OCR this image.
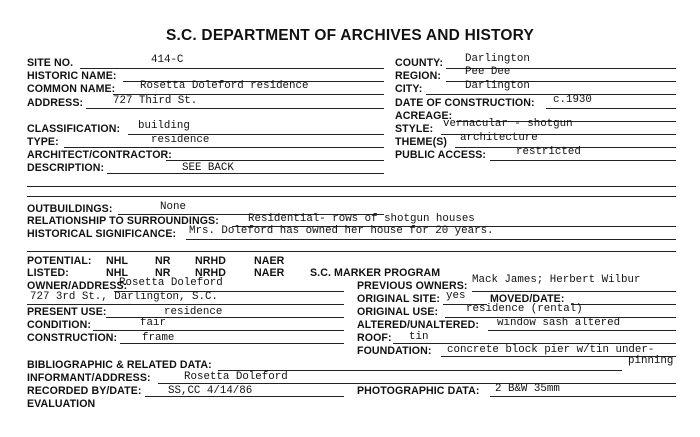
S.C. DEPARTMENT OF ARCHIVES AND HISTORY
SITE NO.	414-C
HISTORIC NAME:
COMMON NAME: Rosetta Doleford residence
ADDRESS:	727 Third St.
CLASSIFICATION: building
TYPE:	residence
ARCHITECT/CONTRACTOR:
DESCRIPTION:	SEE BACK
COUNTY: Darlington
REGION: Pee Dee
CITY:	Darlington
DATE OF CONSTRUCTION: c.1930
ACREAGE:
STYLE: vernacular - shotgun
THEME(S) architecture
PUBLIC ACCESS:	restricted
OUTBUILDINGS:	None
RELATIONSHIP TO SURROUNDINGS:	Residential- rows of shotgun houses
HISTORICAL SIGNIFICANCE: Mrs. Doleford has owned her house for 20 years.
POTENTIAL: NHL	NR NRHD	NAER
LISTED:	NHL	NR NRHD	NAER S.C. MARKER PROGRAM
OWNER/ADDRESS:
Rosetta Doleford
727 3rd St., Darlington, S.C.
PRESENT USE:	residence
CONDITION:	fair
CONSTRUCTION: frame
PREVIOUS OWNERS: Mack James; Herbert Wilbur
ORIGINAL SITE: yes MOVED/DATE:
ORIGINAL USE:	residence (rental)
ALTERED/UNALTERED: window sash altered
ROOF: tin
FOUNDATION: concrete block pier w/tin under-
pinning
BIBLIOGRAPHIC & RELATED DATA:
INFORMANT/ADDRESS:	Rosetta Doleford
RECORDED BY/DATE: SS,CC 4/14/86	PHOTOGRAPHIC DATA: 2 B&W 35mm
EVALUATION
